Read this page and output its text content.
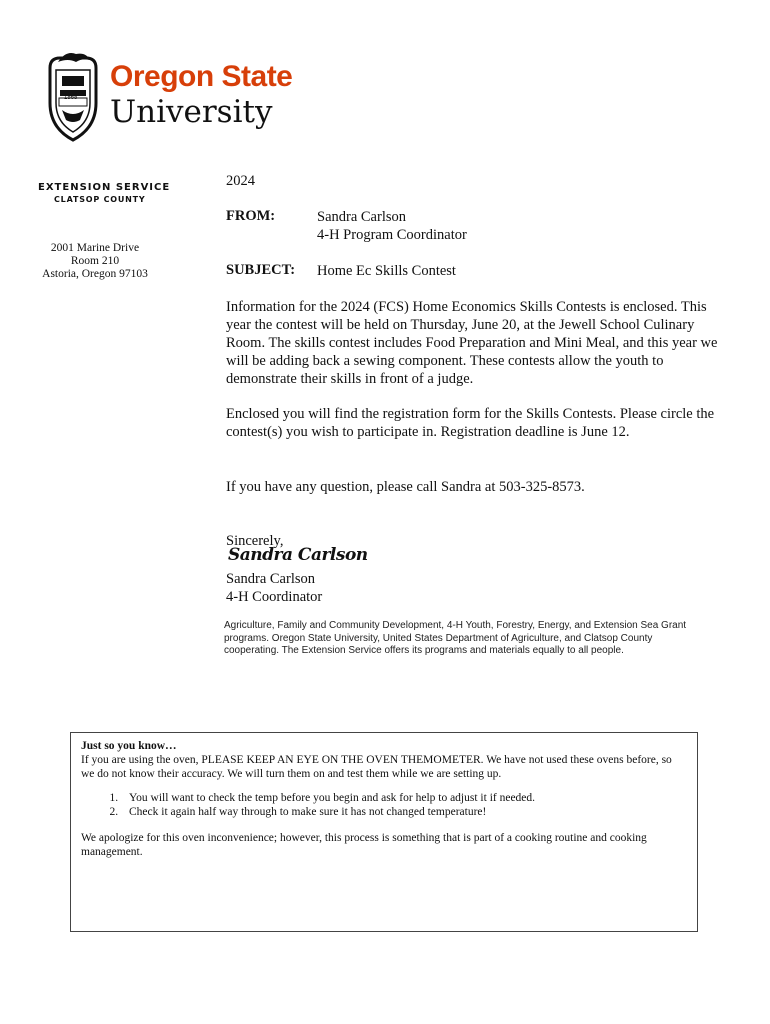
1868
Oregon State
University
EXTENSION SERVICE
CLATSOP COUNTY
2001 Marine Drive
Room 210
Astoria, Oregon 97103
2024
FROM:	Sandra Carlson
4-H Program Coordinator
SUBJECT: Home Ec Skills Contest
Information for the 2024 (FCS) Home Economics Skills Contests is enclosed. This year the contest will be held on Thursday, June 20, at the Jewell School Culinary Room. The skills contest includes Food Preparation and Mini Meal, and this year we will be adding back a sewing component. These contests allow the youth to demonstrate their skills in front of a judge.
Enclosed you will find the registration form for the Skills Contests. Please circle the contest(s) you wish to participate in. Registration deadline is June 12.
If you have any question, please call Sandra at 503-325-8573.
Sincerely,
Sandra Carlson
Sandra Carlson
4-H Coordinator
Agriculture, Family and Community Development, 4-H Youth, Forestry, Energy, and Extension Sea Grant programs. Oregon State University, United States Department of Agriculture, and Clatsop County cooperating. The Extension Service offers its programs and materials equally to all people.
Just so you know…
If you are using the oven, PLEASE KEEP AN EYE ON THE OVEN THEMOMETER. We have not used these ovens before, so we do not know their accuracy. We will turn them on and test them while we are setting up.
1. You will want to check the temp before you begin and ask for help to adjust it if needed.
2. Check it again half way through to make sure it has not changed temperature!
We apologize for this oven inconvenience; however, this process is something that is part of a cooking routine and cooking management.
